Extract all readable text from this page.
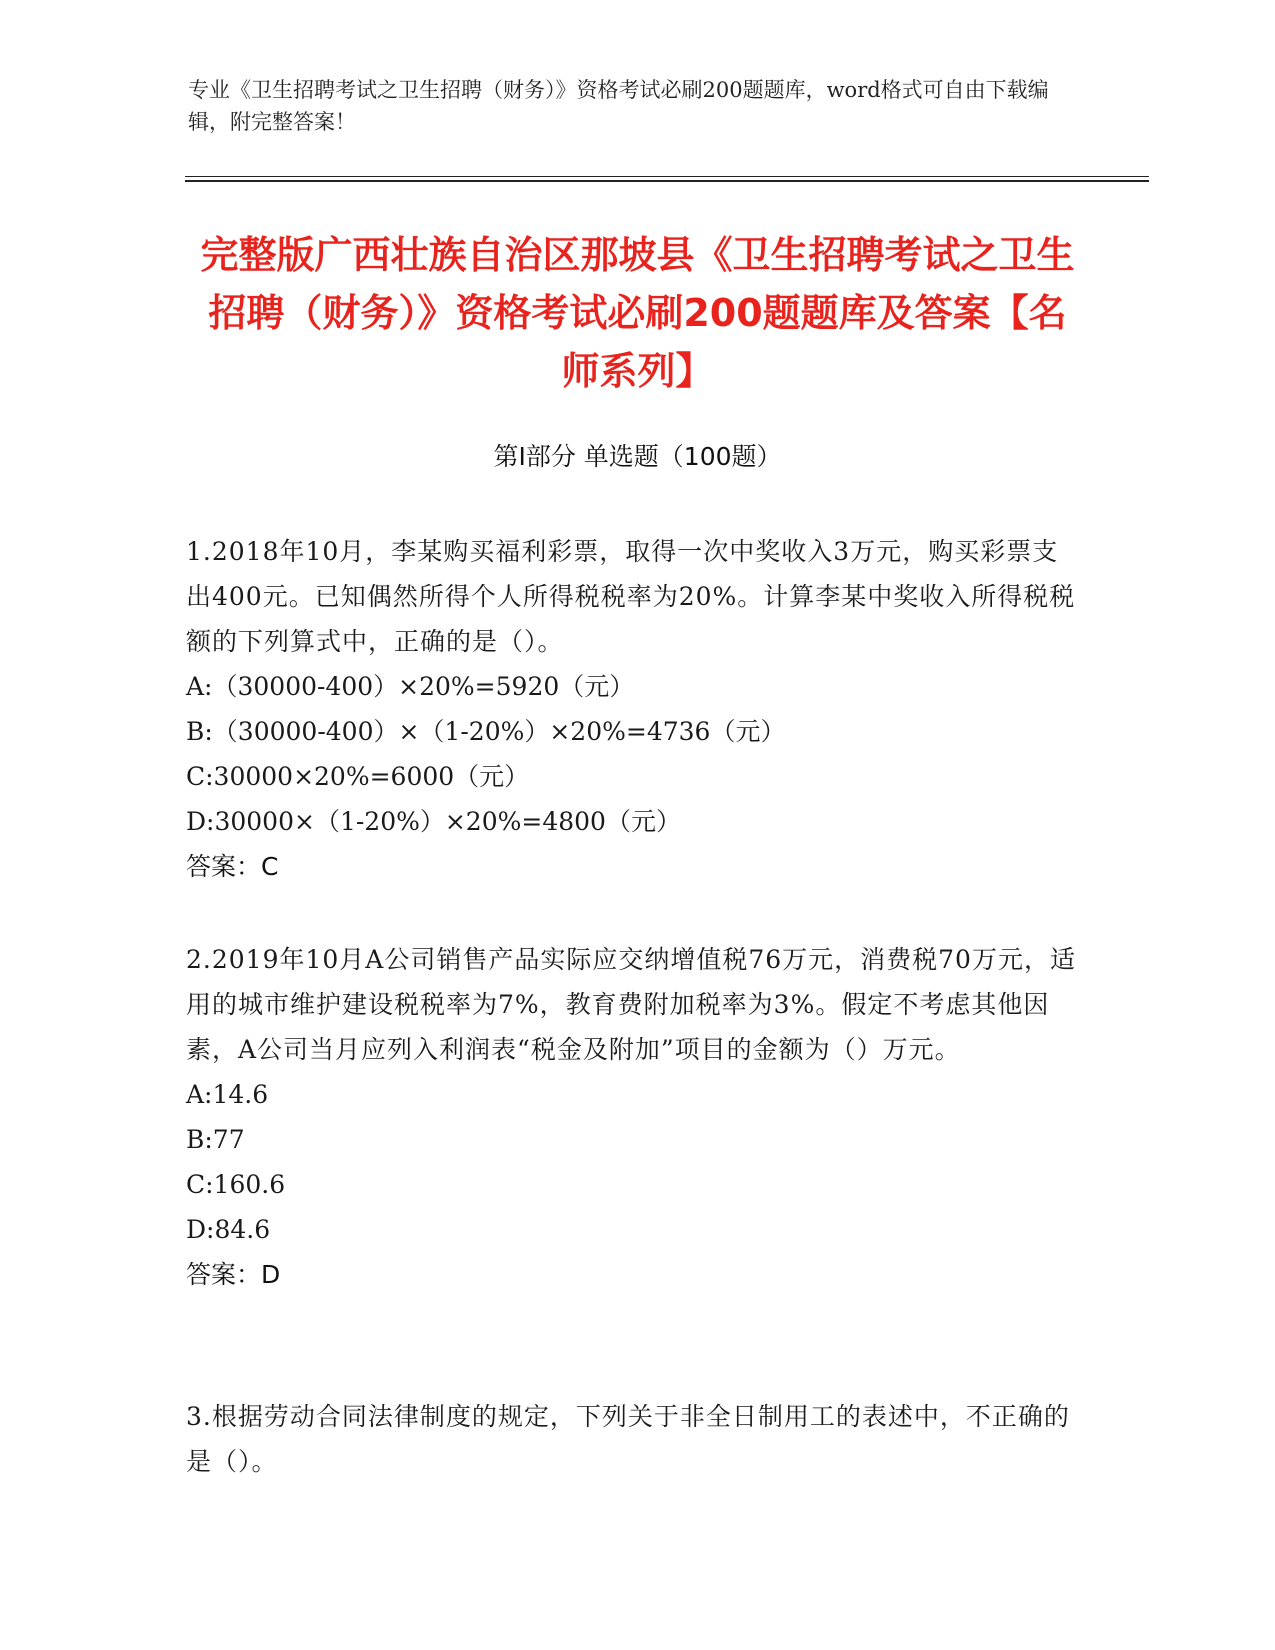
专业《卫生招聘考试之卫生招聘（财务）》资格考试必刷200题题库，word格式可自由下载编辑，附完整答案！
完整版广西壮族自治区那坡县《卫生招聘考试之卫生招聘（财务）》资格考试必刷200题题库及答案【名师系列】
第Ⅰ部分 单选题（100题）
1.2018年10月，李某购买福利彩票，取得一次中奖收入3万元，购买彩票支出400元。已知偶然所得个人所得税税率为20%。计算李某中奖收入所得税税额的下列算式中，正确的是（）。
A:（30000-400）×20%=5920（元）
B:（30000-400）×（1-20%）×20%=4736（元）
C:30000×20%=6000（元）
D:30000×（1-20%）×20%=4800（元）
答案：C
2.2019年10月A公司销售产品实际应交纳增值税76万元，消费税70万元，适用的城市维护建设税税率为7%，教育费附加税率为3%。假定不考虑其他因素，A公司当月应列入利润表“税金及附加”项目的金额为（）万元。
A:14.6
B:77
C:160.6
D:84.6
答案：D
3.根据劳动合同法律制度的规定，下列关于非全日制用工的表述中，不正确的是（）。
